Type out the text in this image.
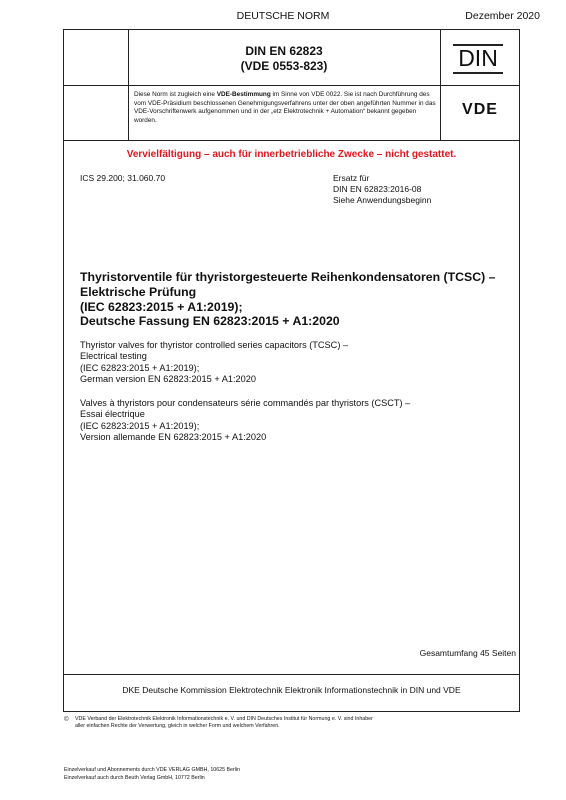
DEUTSCHE NORM	Dezember 2020
DIN EN 62823
(VDE 0553-823)	DIN
Diese Norm ist zugleich eine VDE-Bestimmung im Sinne von VDE 0022. Sie ist nach Durchführung des vom VDE-Präsidium beschlossenen Genehmigungsverfahrens unter der oben angeführten Nummer in das VDE-Vorschriftenwerk aufgenommen und in der „etz Elektrotechnik + Automation“ bekannt gegeben worden.
VDE
Vervielfältigung – auch für innerbetriebliche Zwecke – nicht gestattet.
ICS 29.200; 31.060.70	Ersatz für
DIN EN 62823:2016-08
Siehe Anwendungsbeginn
Thyristorventile für thyristorgesteuerte Reihenkondensatoren (TCSC) –
Elektrische Prüfung
(IEC 62823:2015 + A1:2019);
Deutsche Fassung EN 62823:2015 + A1:2020
Thyristor valves for thyristor controlled series capacitors (TCSC) –
Electrical testing
(IEC 62823:2015 + A1:2019);
German version EN 62823:2015 + A1:2020
Valves à thyristors pour condensateurs série commandés par thyristors (CSCT) –
Essai électrique
(IEC 62823:2015 + A1:2019);
Version allemande EN 62823:2015 + A1:2020
Gesamtumfang 45 Seiten
DKE Deutsche Kommission Elektrotechnik Elektronik Informationstechnik in DIN und VDE
© VDE Verband der Elektrotechnik Elektronik Informationstechnik e. V. und DIN Deutsches Institut für Normung e. V. sind Inhaber
aller einfachen Rechte der Verwertung, gleich in welcher Form und welchem Verfahren.
Einzelverkauf und Abonnements durch VDE VERLAG GMBH, 10625 Berlin
Einzelverkauf auch durch Beuth Verlag GmbH, 10772 Berlin
